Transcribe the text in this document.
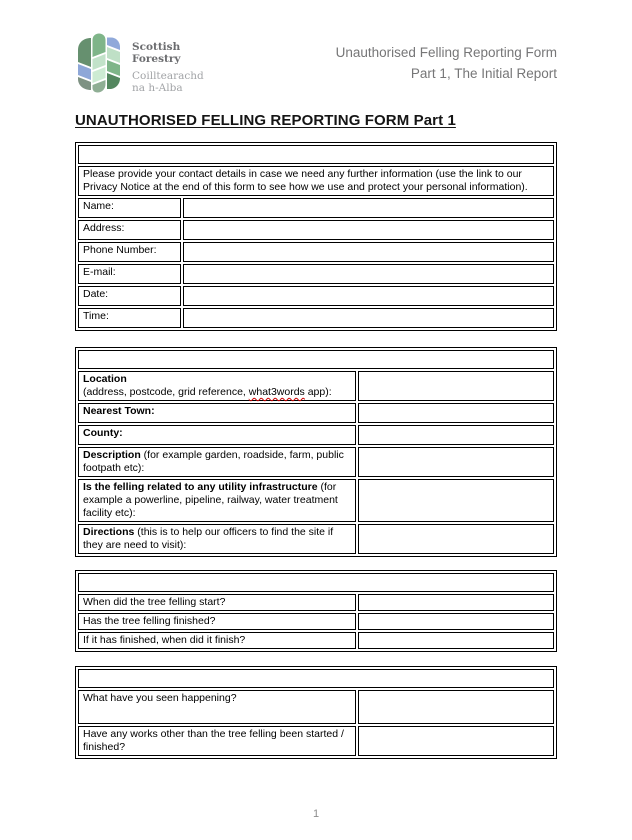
Scottish
Forestry
Coilltearachd
na h-Alba
Unauthorised Felling Reporting Form
Part 1, The Initial Report
UNAUTHORISED FELLING REPORTING FORM Part 1
Your Details	
Please provide your contact details in case we need any further information (use the link to our Privacy Notice at the end of this form to see how we use and protect your personal information).	
Name:	
Address:	
Phone Number:	
E-mail:	
Date:	
Time:	
Where is the felling taking place?	

Location
(address, postcode, grid reference, what3words app):	

Nearest Town:	
County:	
Description (for example garden, roadside, farm, public footpath etc):	
Is the felling related to any utility infrastructure (for example a powerline, pipeline, railway, water treatment facility etc):	
Directions (this is to help our officers to find the site if they are need to visit):	
When did it happen?	
When did the tree felling start?	
Has the tree felling finished?	
If it has finished, when did it finish?	
What is happening or has happened?	
What have you seen happening?	
Have any works other than the tree felling been started / finished?	
1
